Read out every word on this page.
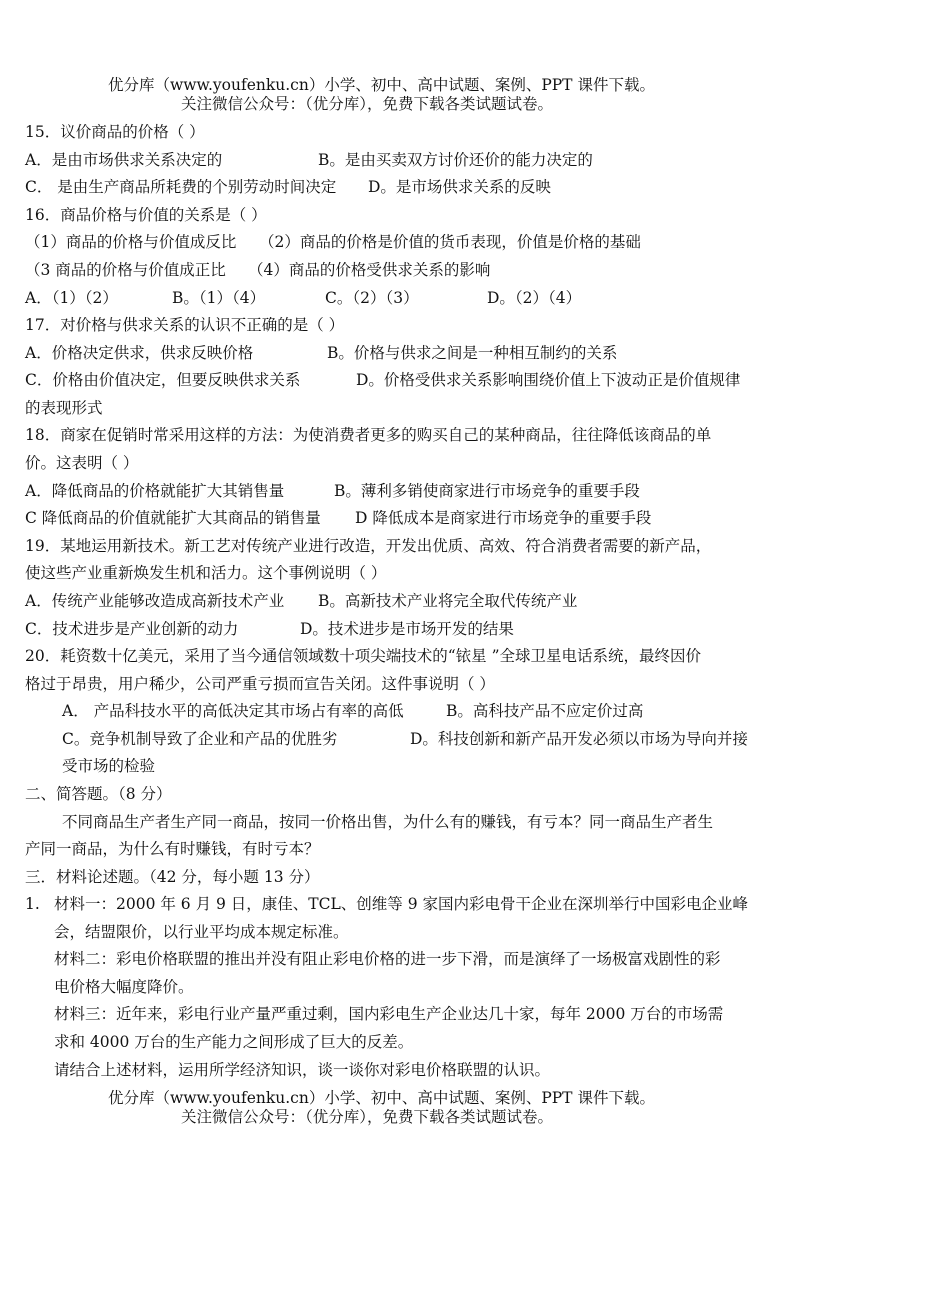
优分库（www.youfenku.cn）小学、初中、高中试题、案例、PPT 课件下载。
关注微信公众号：（优分库），免费下载各类试题试卷。
15．议价商品的价格（ ）
A．是由市场供求关系决定的	B。是由买卖双方讨价还价的能力决定的
C． 是由生产商品所耗费的个别劳动时间决定 D。是市场供求关系的反映
16．商品价格与价值的关系是（ ）
（1）商品的价格与价值成反比 （2）商品的价格是价值的货币表现，价值是价格的基础
（3 商品的价格与价值成正比 （4）商品的价格受供求关系的影响
A．（1）（2）	B。（1）（4）	C。（2）（3）	D。（2）（4）
17．对价格与供求关系的认识不正确的是（ ）
A．价格决定供求，供求反映价格	B。价格与供求之间是一种相互制约的关系
C．价格由价值决定，但要反映供求关系	D。价格受供求关系影响围绕价值上下波动正是价值规律
的表现形式
18．商家在促销时常采用这样的方法：为使消费者更多的购买自己的某种商品，往往降低该商品的单
价。这表明（ ）
A．降低商品的价格就能扩大其销售量	B。薄利多销使商家进行市场竞争的重要手段
C 降低商品的价值就能扩大其商品的销售量 D 降低成本是商家进行市场竞争的重要手段
19．某地运用新技术。新工艺对传统产业进行改造，开发出优质、高效、符合消费者需要的新产品，
使这些产业重新焕发生机和活力。这个事例说明（ ）
A．传统产业能够改造成高新技术产业 B。高新技术产业将完全取代传统产业
C．技术进步是产业创新的动力	D。技术进步是市场开发的结果
20．耗资数十亿美元，采用了当今通信领域数十项尖端技术的“铱星 ”全球卫星电话系统，最终因价
格过于昂贵，用户稀少，公司严重亏损而宣告关闭。这件事说明（ ）
A． 产品科技水平的高低决定其市场占有率的高低	B。高科技产品不应定价过高
C。竞争机制导致了企业和产品的优胜劣	D。科技创新和新产品开发必须以市场为导向并接
受市场的检验
二、简答题。（8 分）
不同商品生产者生产同一商品，按同一价格出售，为什么有的赚钱，有亏本？同一商品生产者生
产同一商品，为什么有时赚钱，有时亏本？
三．材料论述题。（42 分，每小题 13 分）
1. 材料一：2000 年 6 月 9 日，康佳、TCL、创维等 9 家国内彩电骨干企业在深圳举行中国彩电企业峰
会，结盟限价，以行业平均成本规定标准。
材料二：彩电价格联盟的推出并没有阻止彩电价格的进一步下滑，而是演绎了一场极富戏剧性的彩
电价格大幅度降价。
材料三：近年来，彩电行业产量严重过剩，国内彩电生产企业达几十家，每年 2000 万台的市场需
求和 4000 万台的生产能力之间形成了巨大的反差。
请结合上述材料，运用所学经济知识，谈一谈你对彩电价格联盟的认识。
优分库（www.youfenku.cn）小学、初中、高中试题、案例、PPT 课件下载。
关注微信公众号：（优分库），免费下载各类试题试卷。
